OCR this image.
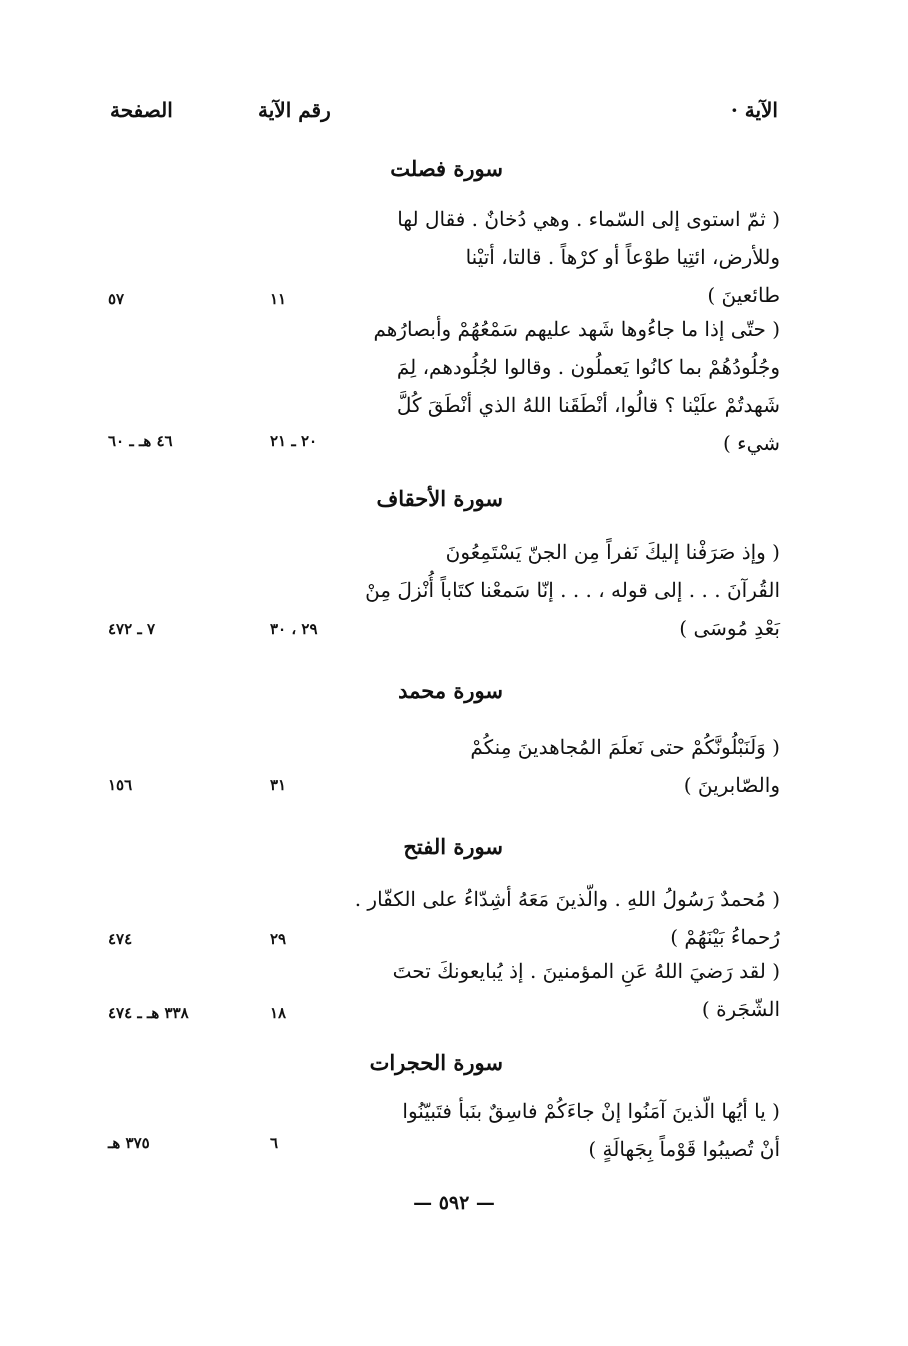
الآية ·
رقم الآية
الصفحة
سورة فصلت
( ثمّ استوى إلى السّماء . وهي دُخانٌ . فقال لها
وللأرض، ائتِيا طوْعاً أو كرْهاً . قالتا، أتيْنا
طائعينَ )
١١
٥٧
( حتّى إذا ما جاءُوها شَهد عليهم سَمْعُهُمْ وأبصارُهم
وجُلُودُهُمْ بما كانُوا يَعملُون . وقالوا لجُلُودهم، لِمَ
شَهدتُمْ علَيْنا ؟ قالُوا، أنْطَقَنا اللهُ الذي أنْطَقَ كُلَّ
شيء )
٢٠ ـ ٢١
٤٦ هـ ـ ٦٠
سورة الأحقاف
( وإذ صَرَفْنا إليكَ نَفراً مِن الجنّ يَسْتَمِعُونَ
القُرآنَ . . . إلى قوله ، . . . إنّا سَمعْنا كتَاباً أُنْزلَ مِنْ
بَعْدِ مُوسَى )
٢٩ ، ٣٠
٧ ـ ٤٧٢
سورة محمد
( وَلَنَبْلُونَّكُمْ حتى نَعلَمَ المُجاهدينَ مِنكُمْ
والصّابرينَ )
٣١
١٥٦
سورة الفتح
( مُحمدٌ رَسُولُ اللهِ . والّذينَ مَعَهُ أشِدّاءُ على الكفّار .
رُحماءُ بَيْنَهُمْ )
٢٩
٤٧٤
( لقد رَضيَ اللهُ عَنِ المؤمنينَ . إذ يُبايعونكَ تحتَ
الشّجَرة )
١٨
٣٣٨ هـ ـ ٤٧٤
سورة الحجرات
( يا أيُها الّذينَ آمَنُوا إنْ جاءَكُمْ فاسِقٌ بنَبأ فتَبيّنُوا
أنْ تُصيبُوا قَوْماً بِجَهالَةٍ )
٦
٣٧٥ هـ
— ٥٩٢ —
